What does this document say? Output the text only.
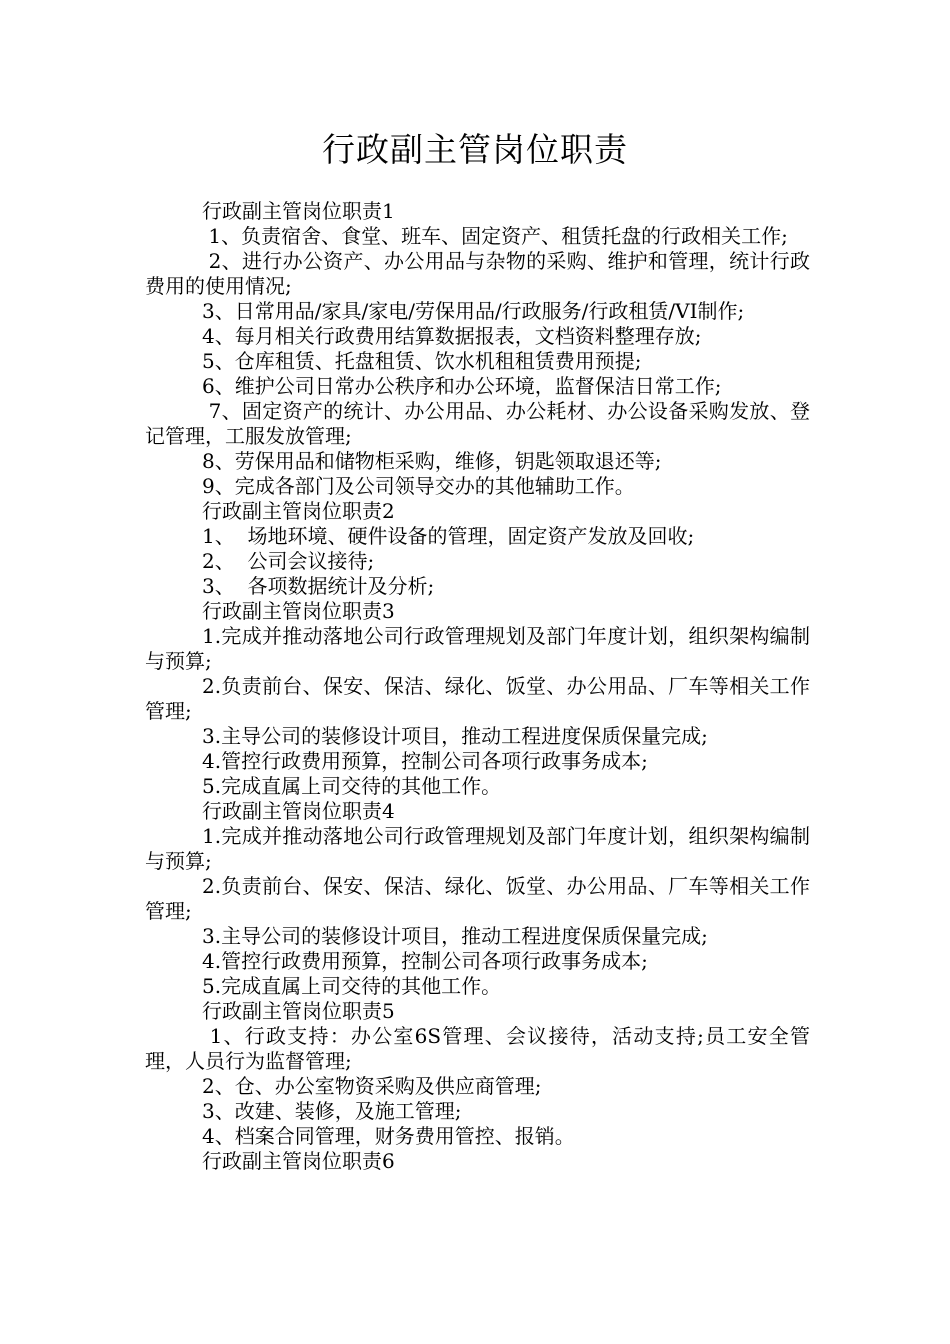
行政副主管岗位职责

行政副主管岗位职责1

1、负责宿舍、食堂、班车、固定资产、租赁托盘的行政相关工作;

2、进行办公资产、办公用品与杂物的采购、维护和管理，统计行政费用的使用情况;

3、日常用品/家具/家电/劳保用品/行政服务/行政租赁/VI制作;

4、每月相关行政费用结算数据报表，文档资料整理存放;

5、仓库租赁、托盘租赁、饮水机租租赁费用预提;

6、维护公司日常办公秩序和办公环境，监督保洁日常工作;

7、固定资产的统计、办公用品、办公耗材、办公设备采购发放、登记管理，工服发放管理;

8、劳保用品和储物柜采购，维修，钥匙领取退还等;

9、完成各部门及公司领导交办的其他辅助工作。

行政副主管岗位职责2

1、  场地环境、硬件设备的管理，固定资产发放及回收;

2、  公司会议接待;

3、  各项数据统计及分析;

行政副主管岗位职责3

1.完成并推动落地公司行政管理规划及部门年度计划，组织架构编制与预算;

2.负责前台、保安、保洁、绿化、饭堂、办公用品、厂车等相关工作管理;

3.主导公司的装修设计项目，推动工程进度保质保量完成;

4.管控行政费用预算，控制公司各项行政事务成本;

5.完成直属上司交待的其他工作。

行政副主管岗位职责4

1.完成并推动落地公司行政管理规划及部门年度计划，组织架构编制与预算;

2.负责前台、保安、保洁、绿化、饭堂、办公用品、厂车等相关工作管理;

3.主导公司的装修设计项目，推动工程进度保质保量完成;

4.管控行政费用预算，控制公司各项行政事务成本;

5.完成直属上司交待的其他工作。

行政副主管岗位职责5

1、行政支持：办公室6S管理、会议接待，活动支持;员工安全管理，人员行为监督管理;

2、仓、办公室物资采购及供应商管理;

3、改建、装修，及施工管理;

4、档案合同管理，财务费用管控、报销。

行政副主管岗位职责6
